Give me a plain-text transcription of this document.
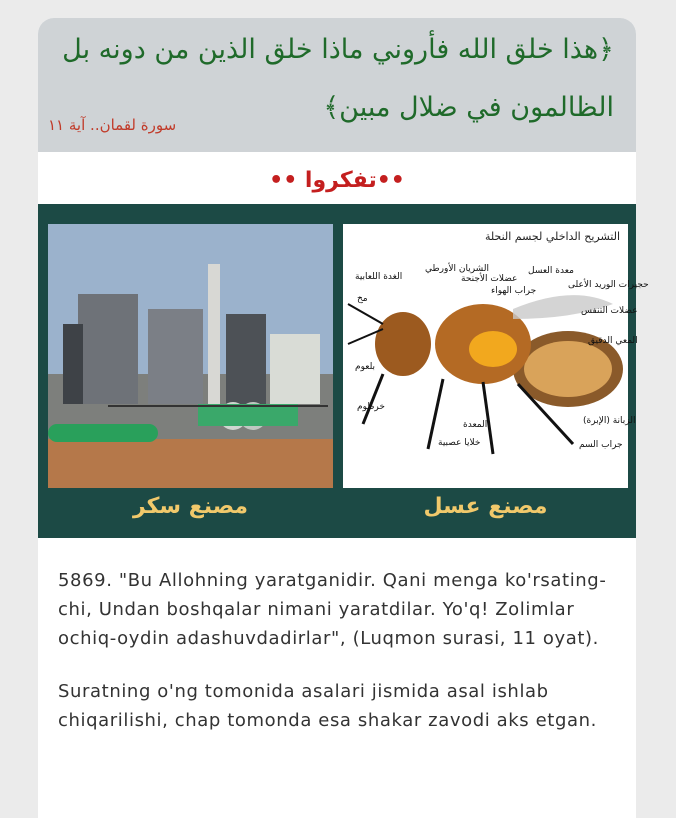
﴿هذا خلق الله فأروني ماذا خلق الذين من دونه بل
الظالمون في ضلال مبين﴾
سورة لقمان.. آية ١١
••تفكروا ••
التشريح الداخلي لجسم النحلة
الغدة اللعابية
الشريان الأورطي
عضلات الأجنحة
جراب الهواء
معدة العسل
حجيرات الوريد الأعلى
عضلات التنفس
المعي الدقيق
مخ
بلعوم
خرطوم
المعدة
خلايا عصبية
الزبانة (الإبرة)
جراب السم
مصنع سكر	مصنع عسل

5869. "Bu Allohning yaratganidir. Qani menga ko'rsating-chi, Undan boshqalar nimani yaratdilar. Yo'q! Zolimlar ochiq-oydin adashuvdadirlar", (Luqmon surasi, 11 oyat).

Suratning o'ng tomonida asalari jismida asal ishlab chiqarilishi, chap tomonda esa shakar zavodi aks etgan.
